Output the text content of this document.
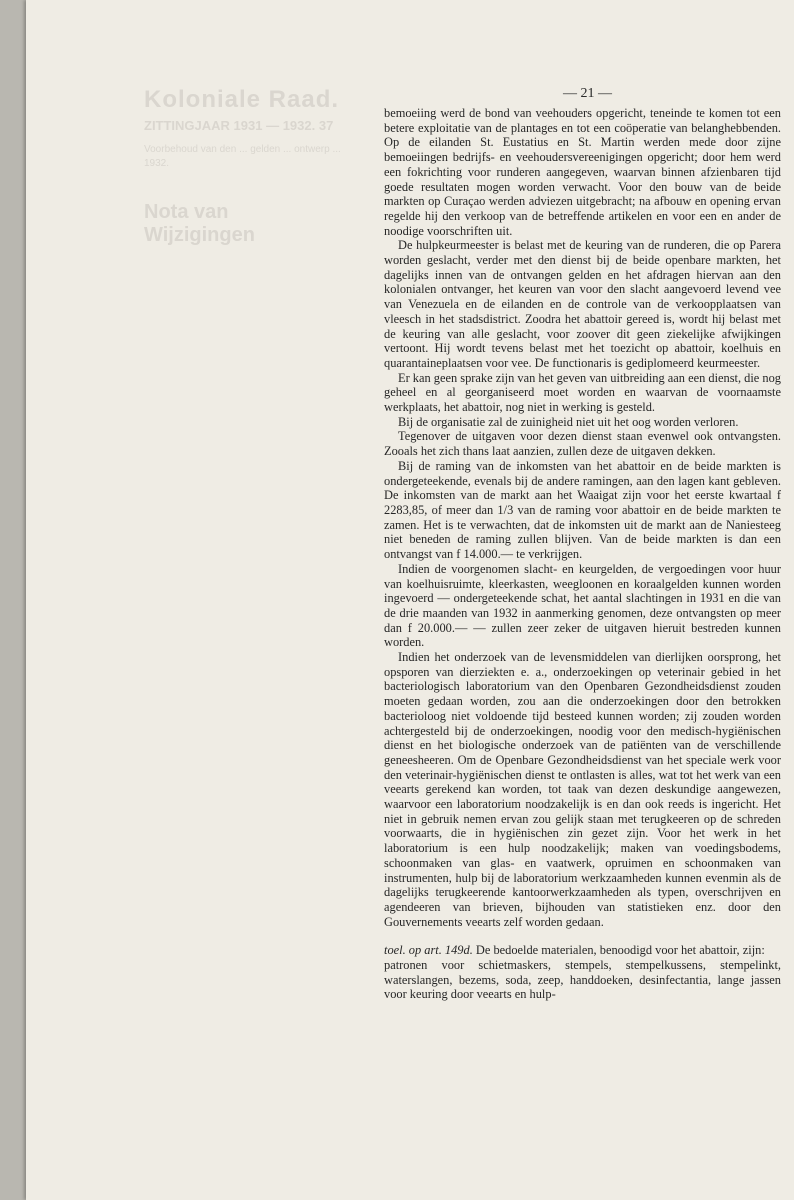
Koloniale Raad.
ZITTINGJAAR 1931 — 1932. 37
Voorbehoud van den ... gelden ... ontwerp ... 1932.
Nota van Wijzigingen
— 21 —

bemoeiing werd de bond van veehouders opgericht, teneinde te komen tot een betere exploitatie van de plantages en tot een coöperatie van belanghebbenden. Op de eilanden St. Eustatius en St. Martin werden mede door zijne bemoeiingen bedrijfs- en veehoudersvereenigingen opgericht; door hem werd een fokrichting voor runderen aangegeven, waarvan binnen afzienbaren tijd goede resultaten mogen worden verwacht. Voor den bouw van de beide markten op Curaçao werden adviezen uitgebracht; na afbouw en opening ervan regelde hij den verkoop van de betreffende artikelen en voor een en ander de noodige voorschriften uit.

De hulpkeurmeester is belast met de keuring van de runderen, die op Parera worden geslacht, verder met den dienst bij de beide openbare markten, het dagelijks innen van de ontvangen gelden en het afdragen hiervan aan den kolonialen ontvanger, het keuren van voor den slacht aangevoerd levend vee van Venezuela en de eilanden en de controle van de verkoopplaatsen van vleesch in het stadsdistrict. Zoodra het abattoir gereed is, wordt hij belast met de keuring van alle geslacht, voor zoover dit geen ziekelijke afwijkingen vertoont. Hij wordt tevens belast met het toezicht op abattoir, koelhuis en quarantaineplaatsen voor vee. De functionaris is gediplomeerd keurmeester.

Er kan geen sprake zijn van het geven van uitbreiding aan een dienst, die nog geheel en al georganiseerd moet worden en waarvan de voornaamste werkplaats, het abattoir, nog niet in werking is gesteld.

Bij de organisatie zal de zuinigheid niet uit het oog worden verloren.

Tegenover de uitgaven voor dezen dienst staan evenwel ook ontvangsten. Zooals het zich thans laat aanzien, zullen deze de uitgaven dekken.

Bij de raming van de inkomsten van het abattoir en de beide markten is ondergeteekende, evenals bij de andere ramingen, aan den lagen kant gebleven. De inkomsten van de markt aan het Waaigat zijn voor het eerste kwartaal f 2283,85, of meer dan 1/3 van de raming voor abattoir en de beide markten te zamen. Het is te verwachten, dat de inkomsten uit de markt aan de Naniesteeg niet beneden de raming zullen blijven. Van de beide markten is dan een ontvangst van f 14.000.— te verkrijgen.

Indien de voorgenomen slacht- en keurgelden, de vergoedingen voor huur van koelhuisruimte, kleerkasten, weegloonen en koraalgelden kunnen worden ingevoerd — ondergeteekende schat, het aantal slachtingen in 1931 en die van de drie maanden van 1932 in aanmerking genomen, deze ontvangsten op meer dan f 20.000.— — zullen zeer zeker de uitgaven hieruit bestreden kunnen worden.

Indien het onderzoek van de levensmiddelen van dierlijken oorsprong, het opsporen van dierziekten e. a., onderzoekingen op veterinair gebied in het bacteriologisch laboratorium van den Openbaren Gezondheidsdienst zouden moeten gedaan worden, zou aan die onderzoekingen door den betrokken bacterioloog niet voldoende tijd besteed kunnen worden; zij zouden worden achtergesteld bij de onderzoekingen, noodig voor den medisch-hygiënischen dienst en het biologische onderzoek van de patiënten van de verschillende geneesheeren. Om de Openbare Gezondheidsdienst van het speciale werk voor den veterinair-hygiënischen dienst te ontlasten is alles, wat tot het werk van een veearts gerekend kan worden, tot taak van dezen deskundige aangewezen, waarvoor een laboratorium noodzakelijk is en dan ook reeds is ingericht. Het niet in gebruik nemen ervan zou gelijk staan met terugkeeren op de schreden voorwaarts, die in hygiënischen zin gezet zijn. Voor het werk in het laboratorium is een hulp noodzakelijk; maken van voedingsbodems, schoonmaken van glas- en vaatwerk, opruimen en schoonmaken van instrumenten, hulp bij de laboratorium werkzaamheden kunnen evenmin als de dagelijks terugkeerende kantoorwerkzaamheden als typen, overschrijven en agendeeren van brieven, bijhouden van statistieken enz. door den Gouvernements veearts zelf worden gedaan.

toel. op art. 149d. De bedoelde materialen, benoodigd voor het abattoir, zijn:

patronen voor schietmaskers, stempels, stempelkussens, stempelinkt, waterslangen, bezems, soda, zeep, handdoeken, desinfectantia, lange jassen voor keuring door veearts en hulp-
